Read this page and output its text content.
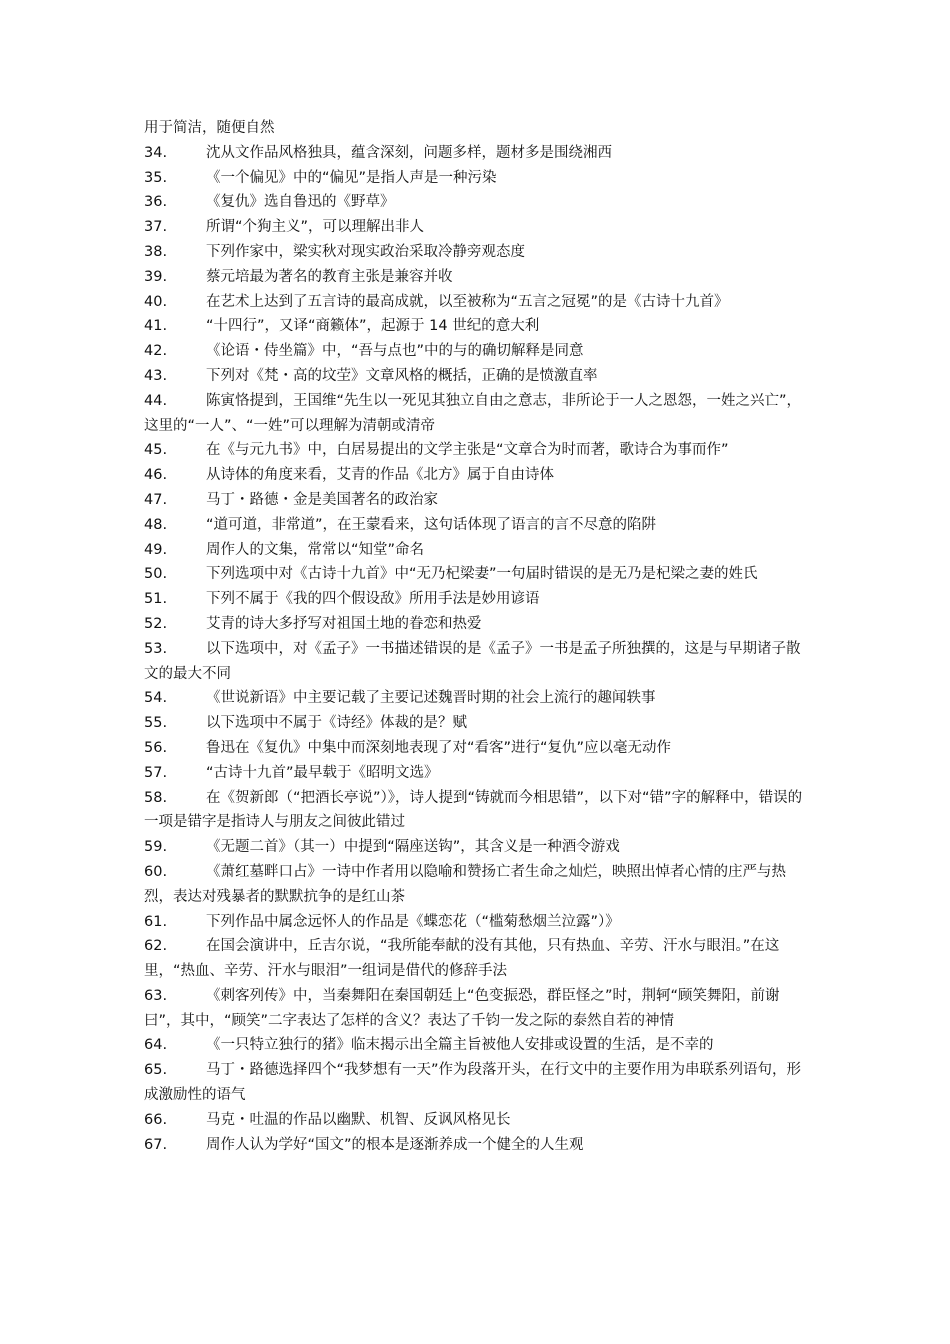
用于简洁，随便自然

34.	沈从文作品风格独具，蕴含深刻，问题多样，题材多是围绕湘西

35.	《一个偏见》中的“偏见”是指人声是一种污染

36.	《复仇》选自鲁迅的《野草》

37.	所谓“个狗主义”，可以理解出非人

38.	下列作家中，梁实秋对现实政治采取冷静旁观态度

39.	蔡元培最为著名的教育主张是兼容并收

40.	在艺术上达到了五言诗的最高成就，以至被称为“五言之冠冕”的是《古诗十九首》

41.	“十四行”，又译“商籁体”，起源于 14 世纪的意大利

42.	《论语・侍坐篇》中，“吾与点也”中的与的确切解释是同意

43.	下列对《梵・高的坟茔》文章风格的概括，正确的是愤激直率

44.	陈寅恪提到，王国维“先生以一死见其独立自由之意志，非所论于一人之恩怨，一姓之兴亡”，这里的“一人”、“一姓”可以理解为清朝或清帝

45.	在《与元九书》中，白居易提出的文学主张是“文章合为时而著，歌诗合为事而作”

46.	从诗体的角度来看，艾青的作品《北方》属于自由诗体

47.	马丁・路德・金是美国著名的政治家

48.	“道可道，非常道”，在王蒙看来，这句话体现了语言的言不尽意的陷阱

49.	周作人的文集，常常以“知堂”命名

50.	下列选项中对《古诗十九首》中“无乃杞梁妻”一句届时错误的是无乃是杞梁之妻的姓氏

51.	下列不属于《我的四个假设敌》所用手法是妙用谚语

52.	艾青的诗大多抒写对祖国土地的眷恋和热爱

53.	以下选项中，对《孟子》一书描述错误的是《孟子》一书是孟子所独撰的，这是与早期诸子散文的最大不同

54.	《世说新语》中主要记载了主要记述魏晋时期的社会上流行的趣闻轶事

55.	以下选项中不属于《诗经》体裁的是？赋

56.	鲁迅在《复仇》中集中而深刻地表现了对“看客”进行“复仇”应以毫无动作

57.	“古诗十九首”最早载于《昭明文选》

58.	在《贺新郎（“把酒长亭说”）》，诗人提到“铸就而今相思错”，以下对“错”字的解释中，错误的一项是错字是指诗人与朋友之间彼此错过

59.	《无题二首》（其一）中提到“隔座送钩”，其含义是一种酒令游戏

60.	《萧红墓畔口占》一诗中作者用以隐喻和赞扬亡者生命之灿烂，映照出悼者心情的庄严与热烈，表达对残暴者的默默抗争的是红山茶

61.	下列作品中属念远怀人的作品是《蝶恋花（“槛菊愁烟兰泣露”）》

62.	在国会演讲中，丘吉尔说，“我所能奉献的没有其他，只有热血、辛劳、汗水与眼泪。”在这里，“热血、辛劳、汗水与眼泪”一组词是借代的修辞手法

63.	《刺客列传》中，当秦舞阳在秦国朝廷上“色变振恐，群臣怪之”时，荆轲“顾笑舞阳，前谢曰”，其中，“顾笑”二字表达了怎样的含义？表达了千钧一发之际的泰然自若的神情

64.	《一只特立独行的猪》临末揭示出全篇主旨被他人安排或设置的生活，是不幸的

65.	马丁・路德选择四个“我梦想有一天”作为段落开头，在行文中的主要作用为串联系列语句，形成激励性的语气

66.	马克・吐温的作品以幽默、机智、反讽风格见长

67.	周作人认为学好“国文”的根本是逐渐养成一个健全的人生观
